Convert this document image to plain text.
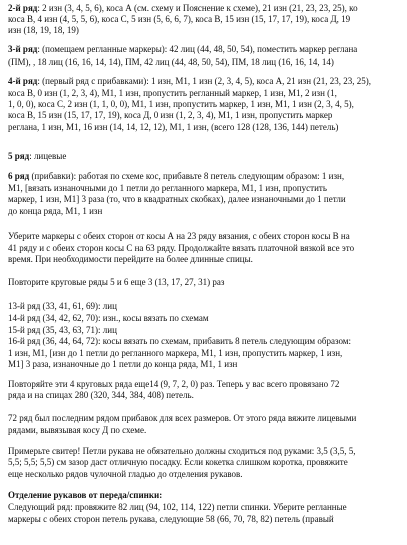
2-й ряд: 2 изн (3, 4, 5, 6), коса А (см. схему и Пояснение к схеме), 21 изн (21, 23, 23, 25), ко
коса В, 4 изн (4, 5, 5, 6), коса С, 5 изн (5, 6, 6, 7), коса В, 15 изн (15, 17, 17, 19), коса Д, 19
изн (18, 19, 18, 19)
3-й ряд: (помещаем регланные маркеры): 42 лиц (44, 48, 50, 54), поместить маркер реглана
(ПМ), , 18 лиц (16, 16, 14, 14), ПМ, 42 лиц (44, 48, 50, 54), ПМ, 18 лиц (16, 16, 14, 14)
4-й ряд: (первый ряд с прибавками): 1 изн, М1, 1 изн (2, 3, 4, 5), коса А, 21 изн (21, 23, 23, 25),
коса В, 0 изн (1, 2, 3, 4), М1, 1 изн, пропустить регланный маркер, 1 изн, М1, 2 изн (1,
1, 0, 0), коса С, 2 изн (1, 1, 0, 0), М1, 1 изн, пропустить маркер, 1 изн, М1, 1 изн (2, 3, 4, 5),
коса В, 15 изн (15, 17, 17, 19), коса Д, 0 изн (1, 2, 3, 4), М1, 1 изн, пропустить маркер
реглана, 1 изн, М1, 16 изн (14, 14, 12, 12), М1, 1 изн, (всего 128 (128, 136, 144) петель)
5 ряд: лицевые
6 ряд (прибавки): работая по схеме кос, прибавьте 8 петель следующим образом: 1 изн,
М1, [вязать изнаночными до 1 петли до регланного маркера, М1, 1 изн, пропустить
маркер, 1 изн, М1] 3 раза (то, что в квадратных скобках), далее изнаночными до 1 петли
до конца ряда, М1, 1 изн
Уберите маркеры с обеих сторон от косы А на 23 ряду вязания, с обеих сторон косы В на
41 ряду и с обеих сторон косы С на 63 ряду. Продолжайте вязать платочной вязкой все это
время. При необходимости перейдите на более длинные спицы.
Повторите круговые ряды 5 и 6 еще 3 (13, 17, 27, 31) раз
13-й ряд (33, 41, 61, 69): лиц
14-й ряд (34, 42, 62, 70): изн., косы вязать по схемам
15-й ряд (35, 43, 63, 71): лиц
16-й ряд (36, 44, 64, 72): косы вязать по схемам, прибавить 8 петель следующим образом:
1 изн, M1, [изн до 1 петли до регланного маркера, M1, 1 изн, пропустить маркер, 1 изн,
M1] 3 раза, изнаночные до 1 петли до конца ряда, M1, 1 изн
Повторяйте эти 4 круговых ряда еще14 (9, 7, 2, 0) раз. Теперь у вас всего провязано 72
ряда и на спицах 280 (320, 344, 384, 408) петель.
72 ряд был последним рядом прибавок для всех размеров. От этого ряда вяжите лицевыми
рядами, вывязывая косу Д по схеме.
Примерьте свитер! Петли рукава не обязательно должны сходиться под руками: 3,5 (3,5, 5,
5,5; 5,5; 5,5) см зазор даст отличную посадку. Если кокетка слишком коротка, провяжите
еще несколько рядов чулочной гладью до отделения рукавов.
Отделение рукавов от переда/спинки:
Следующий ряд: провяжите 82 лиц (94, 102, 114, 122) петли спинки. Уберите регланные
маркеры с обеих сторон петель рукава, следующие 58 (66, 70, 78, 82) петель (правый
